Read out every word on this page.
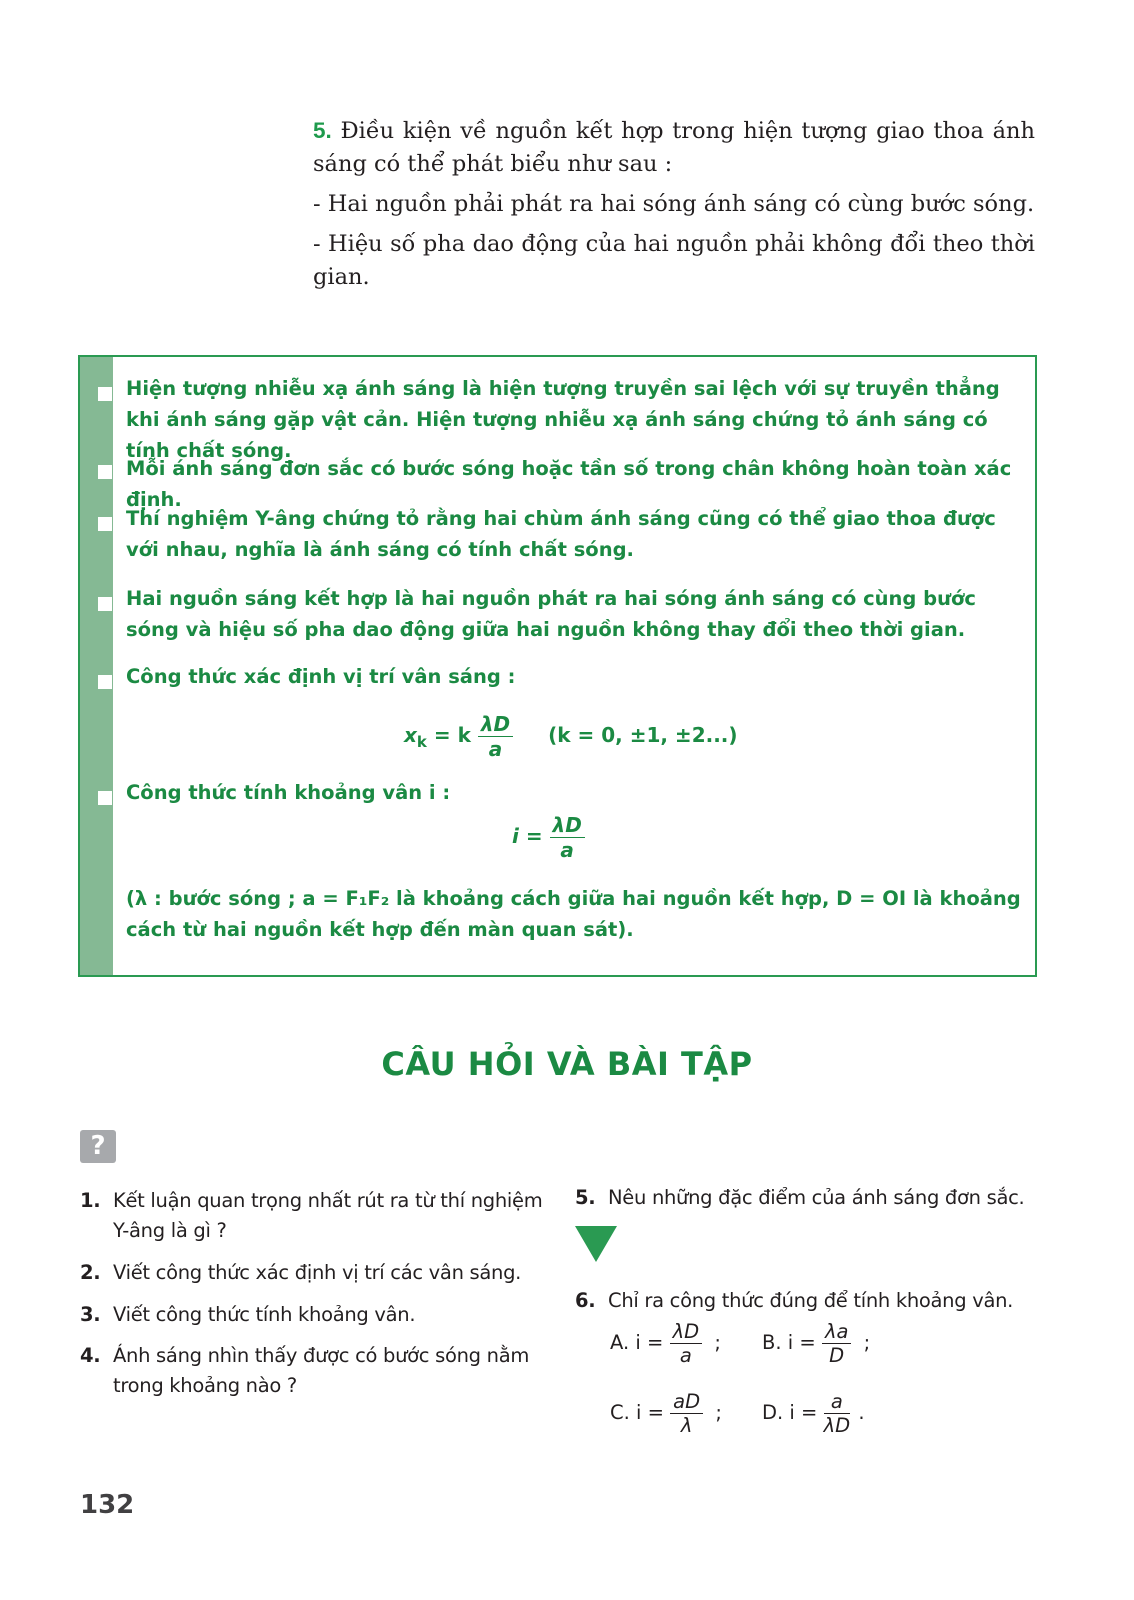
5. Điều kiện về nguồn kết hợp trong hiện tượng giao thoa ánh sáng có thể phát biểu như sau :

- Hai nguồn phải phát ra hai sóng ánh sáng có cùng bước sóng.

- Hiệu số pha dao động của hai nguồn phải không đổi theo thời gian.

Hiện tượng nhiễu xạ ánh sáng là hiện tượng truyền sai lệch với sự truyền thẳng khi ánh sáng gặp vật cản. Hiện tượng nhiễu xạ ánh sáng chứng tỏ ánh sáng có tính chất sóng.
Mỗi ánh sáng đơn sắc có bước sóng hoặc tần số trong chân không hoàn toàn xác định.
Thí nghiệm Y-âng chứng tỏ rằng hai chùm ánh sáng cũng có thể giao thoa được với nhau, nghĩa là ánh sáng có tính chất sóng.
Hai nguồn sáng kết hợp là hai nguồn phát ra hai sóng ánh sáng có cùng bước sóng và hiệu số pha dao động giữa hai nguồn không thay đổi theo thời gian.
Công thức xác định vị trí vân sáng :
$x_k = k \frac{\lambda D}{a} (k = 0$, ±1, ±2...)
Công thức tính khoảng vân i :
$i = \frac{\lambda D}{a}$
(λ : bước sóng ; a = F₁F₂ là khoảng cách giữa hai nguồn kết hợp, D = OI là khoảng cách từ hai nguồn kết hợp đến màn quan sát).
CÂU HỎI VÀ BÀI TẬP
?
1. Kết luận quan trọng nhất rút ra từ thí nghiệm Y-âng là gì ?
2. Viết công thức xác định vị trí các vân sáng.
3. Viết công thức tính khoảng vân.
4. Ánh sáng nhìn thấy được có bước sóng nằm trong khoảng nào ?
5. Nêu những đặc điểm của ánh sáng đơn sắc.
6. Chỉ ra công thức đúng để tính khoảng vân.
A. $i = \frac{\lambda D}{a}$ ; B. $i = \frac{\lambda a}{D}$ ;
C. $i = \frac{aD}{\lambda}$ ; D. $i = \frac{a}{\lambda D}$ .
132
